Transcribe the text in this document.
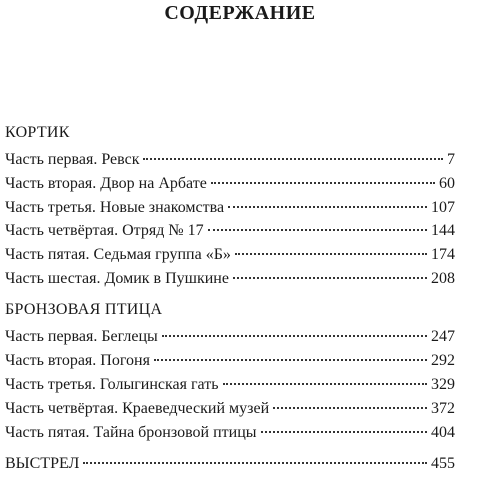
СОДЕРЖАНИЕ
КОРТИК
Часть первая. Ревск	7
Часть вторая. Двор на Арбате	60
Часть третья. Новые знакомства	107
Часть четвёртая. Отряд № 17	144
Часть пятая. Седьмая группа «Б»	174
Часть шестая. Домик в Пушкине	208
БРОНЗОВАЯ ПТИЦА
Часть первая. Беглецы	247
Часть вторая. Погоня	292
Часть третья. Голыгинская гать	329
Часть четвёртая. Краеведческий музей	372
Часть пятая. Тайна бронзовой птицы	404
ВЫСТРЕЛ	455
